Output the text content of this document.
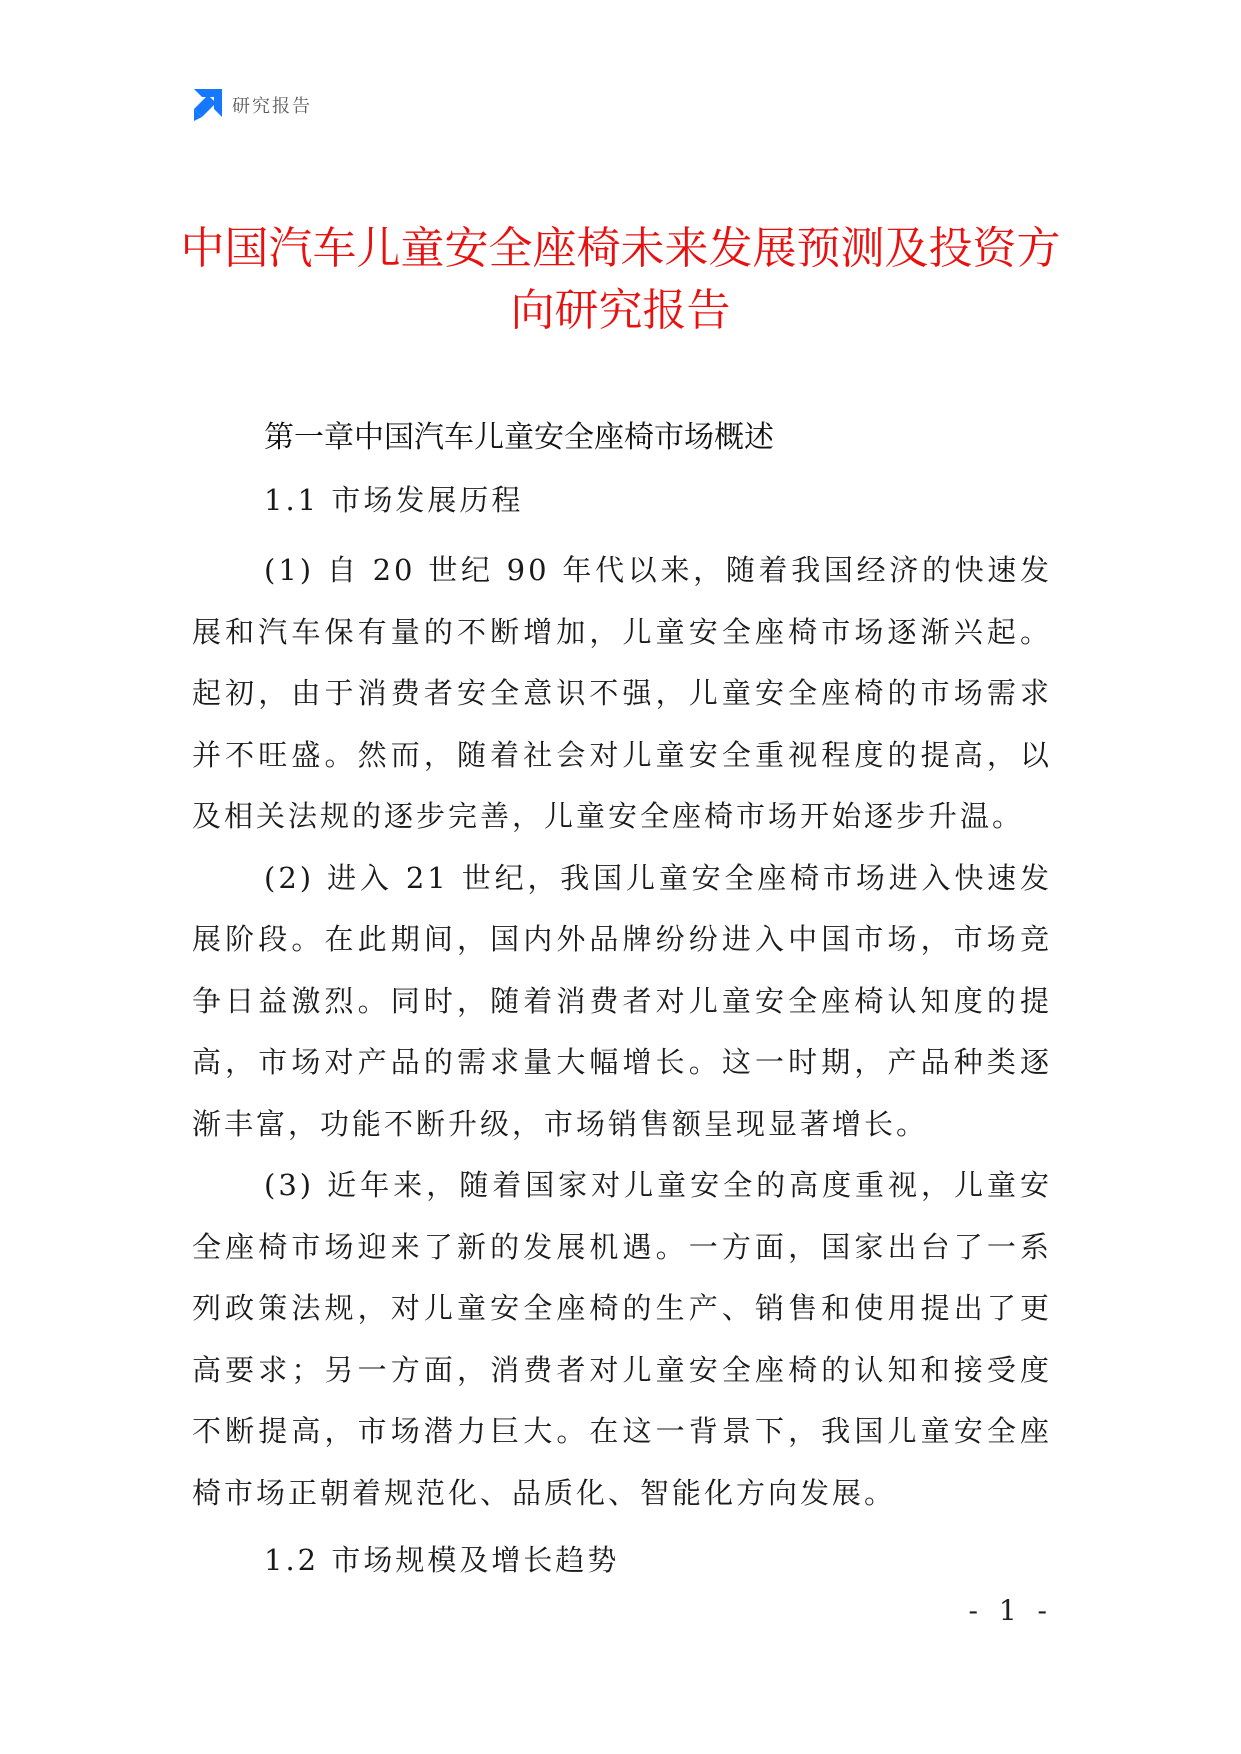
研究报告
中国汽车儿童安全座椅未来发展预测及投资方向研究报告
第一章中国汽车儿童安全座椅市场概述
1.1 市场发展历程

(1) 自 20 世纪 90 年代以来，随着我国经济的快速发展和汽车保有量的不断增加，儿童安全座椅市场逐渐兴起。起初，由于消费者安全意识不强，儿童安全座椅的市场需求并不旺盛。然而，随着社会对儿童安全重视程度的提高，以及相关法规的逐步完善，儿童安全座椅市场开始逐步升温。

(2) 进入 21 世纪，我国儿童安全座椅市场进入快速发展阶段。在此期间，国内外品牌纷纷进入中国市场，市场竞争日益激烈。同时，随着消费者对儿童安全座椅认知度的提高，市场对产品的需求量大幅增长。这一时期，产品种类逐渐丰富，功能不断升级，市场销售额呈现显著增长。

(3) 近年来，随着国家对儿童安全的高度重视，儿童安全座椅市场迎来了新的发展机遇。一方面，国家出台了一系列政策法规，对儿童安全座椅的生产、销售和使用提出了更高要求；另一方面，消费者对儿童安全座椅的认知和接受度不断提高，市场潜力巨大。在这一背景下，我国儿童安全座椅市场正朝着规范化、品质化、智能化方向发展。

1.2 市场规模及增长趋势
- 1 -
